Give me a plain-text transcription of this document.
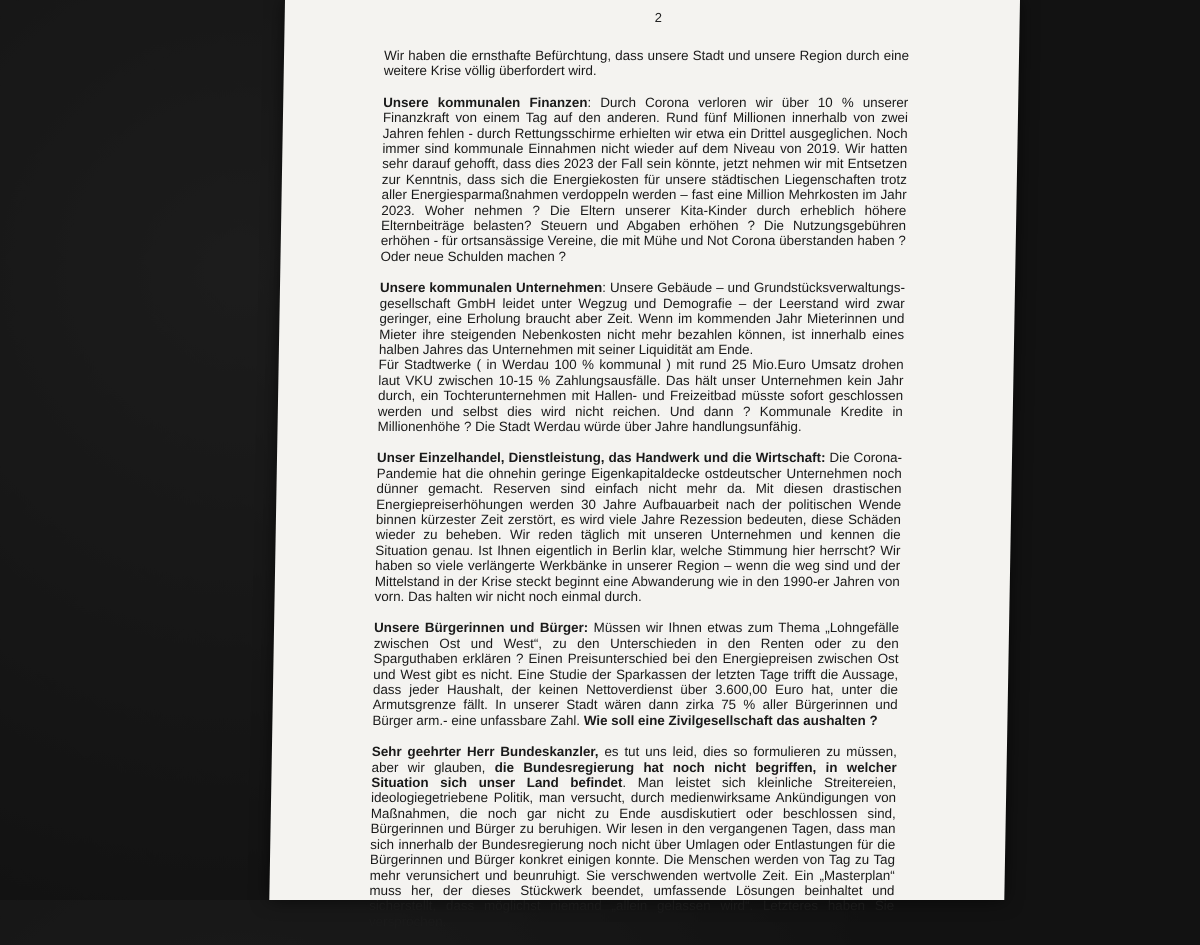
2

Wir haben die ernsthafte Befürchtung, dass unsere Stadt und unsere Region durch eine weitere Krise völlig überfordert wird.

Unsere kommunalen Finanzen: Durch Corona verloren wir über 10 % unserer Finanzkraft von einem Tag auf den anderen. Rund fünf Millionen innerhalb von zwei Jahren fehlen - durch Rettungsschirme erhielten wir etwa ein Drittel ausgeglichen. Noch immer sind kommunale Einnahmen nicht wieder auf dem Niveau von 2019. Wir hatten sehr darauf gehofft, dass dies 2023 der Fall sein könnte, jetzt nehmen wir mit Entsetzen zur Kenntnis, dass sich die Energiekosten für unsere städtischen Liegenschaften trotz aller Energiesparmaßnahmen verdoppeln werden – fast eine Million Mehrkosten im Jahr 2023. Woher nehmen ? Die Eltern unserer Kita-Kinder durch erheblich höhere Elternbeiträge belasten? Steuern und Abgaben erhöhen ? Die Nutzungsgebühren erhöhen - für ortsansässige Vereine, die mit Mühe und Not Corona überstanden haben ? Oder neue Schulden machen ?

Unsere kommunalen Unternehmen: Unsere Gebäude – und Grundstücksverwaltungs-gesellschaft GmbH leidet unter Wegzug und Demografie – der Leerstand wird zwar geringer, eine Erholung braucht aber Zeit. Wenn im kommenden Jahr Mieterinnen und Mieter ihre steigenden Nebenkosten nicht mehr bezahlen können, ist innerhalb eines halben Jahres das Unternehmen mit seiner Liquidität am Ende.

Für Stadtwerke ( in Werdau 100 % kommunal ) mit rund 25 Mio.Euro Umsatz drohen laut VKU zwischen 10-15 % Zahlungsausfälle. Das hält unser Unternehmen kein Jahr durch, ein Tochterunternehmen mit Hallen- und Freizeitbad müsste sofort geschlossen werden und selbst dies wird nicht reichen. Und dann ? Kommunale Kredite in Millionenhöhe ? Die Stadt Werdau würde über Jahre handlungsunfähig.

Unser Einzelhandel, Dienstleistung, das Handwerk und die Wirtschaft: Die Corona-Pandemie hat die ohnehin geringe Eigenkapitaldecke ostdeutscher Unternehmen noch dünner gemacht. Reserven sind einfach nicht mehr da. Mit diesen drastischen Energiepreiserhöhungen werden 30 Jahre Aufbauarbeit nach der politischen Wende binnen kürzester Zeit zerstört, es wird viele Jahre Rezession bedeuten, diese Schäden wieder zu beheben. Wir reden täglich mit unseren Unternehmen und kennen die Situation genau. Ist Ihnen eigentlich in Berlin klar, welche Stimmung hier herrscht? Wir haben so viele verlängerte Werkbänke in unserer Region – wenn die weg sind und der Mittelstand in der Krise steckt beginnt eine Abwanderung wie in den 1990-er Jahren von vorn. Das halten wir nicht noch einmal durch.

Unsere Bürgerinnen und Bürger: Müssen wir Ihnen etwas zum Thema „Lohngefälle zwischen Ost und West“, zu den Unterschieden in den Renten oder zu den Sparguthaben erklären ? Einen Preisunterschied bei den Energiepreisen zwischen Ost und West gibt es nicht. Eine Studie der Sparkassen der letzten Tage trifft die Aussage, dass jeder Haushalt, der keinen Nettoverdienst über 3.600,00 Euro hat, unter die Armutsgrenze fällt. In unserer Stadt wären dann zirka 75 % aller Bürgerinnen und Bürger arm.- eine unfassbare Zahl. Wie soll eine Zivilgesellschaft das aushalten ?

Sehr geehrter Herr Bundeskanzler, es tut uns leid, dies so formulieren zu müssen, aber wir glauben, die Bundesregierung hat noch nicht begriffen, in welcher Situation sich unser Land befindet. Man leistet sich kleinliche Streitereien, ideologiegetriebene Politik, man versucht, durch medienwirksame Ankündigungen von Maßnahmen, die noch gar nicht zu Ende ausdiskutiert oder beschlossen sind, Bürgerinnen und Bürger zu beruhigen. Wir lesen in den vergangenen Tagen, dass man sich innerhalb der Bundesregierung noch nicht über Umlagen oder Entlastungen für die Bürgerinnen und Bürger konkret einigen konnte. Die Menschen werden von Tag zu Tag mehr verunsichert und beunruhigt. Sie verschwenden wertvolle Zeit. Ein „Masterplan“ muss her, der dieses Stückwerk beendet, umfassende Lösungen beinhaltet und sicherstellt, dass möglichst niemand „allein gelassen wird“. Letzteres haben Sie versprochen.
